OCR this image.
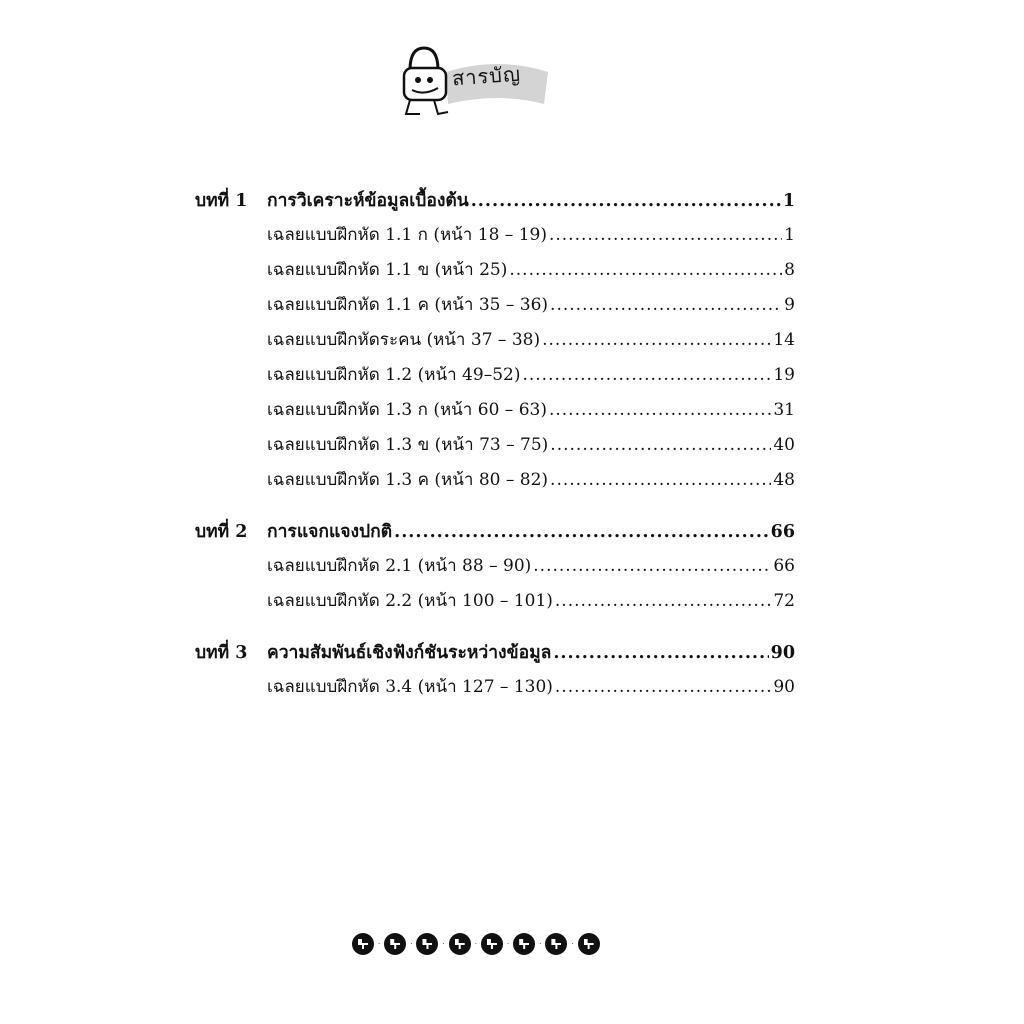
สารบัญ
บทที่ 1	การวิเคราะห์ข้อมูลเบื้องต้น .....	1
เฉลยแบบฝึกหัด 1.1 ก (หน้า 18 – 19) .....	1
เฉลยแบบฝึกหัด 1.1 ข (หน้า 25) .....	8
เฉลยแบบฝึกหัด 1.1 ค (หน้า 35 – 36) .....	9
เฉลยแบบฝึกหัดระคน (หน้า 37 – 38) .....	14
เฉลยแบบฝึกหัด 1.2 (หน้า 49–52) .....	19
เฉลยแบบฝึกหัด 1.3 ก (หน้า 60 – 63) .....	31
เฉลยแบบฝึกหัด 1.3 ข (หน้า 73 – 75) .....	40
เฉลยแบบฝึกหัด 1.3 ค (หน้า 80 – 82) .....	48
บทที่ 2	การแจกแจงปกติ .....	66
เฉลยแบบฝึกหัด 2.1 (หน้า 88 – 90) .....	66
เฉลยแบบฝึกหัด 2.2 (หน้า 100 – 101) .....	72
บทที่ 3	ความสัมพันธ์เชิงฟังก์ชันระหว่างข้อมูล .....	90
เฉลยแบบฝึกหัด 3.4 (หน้า 127 – 130) .....	90
·	·	·	·	·	·	·
